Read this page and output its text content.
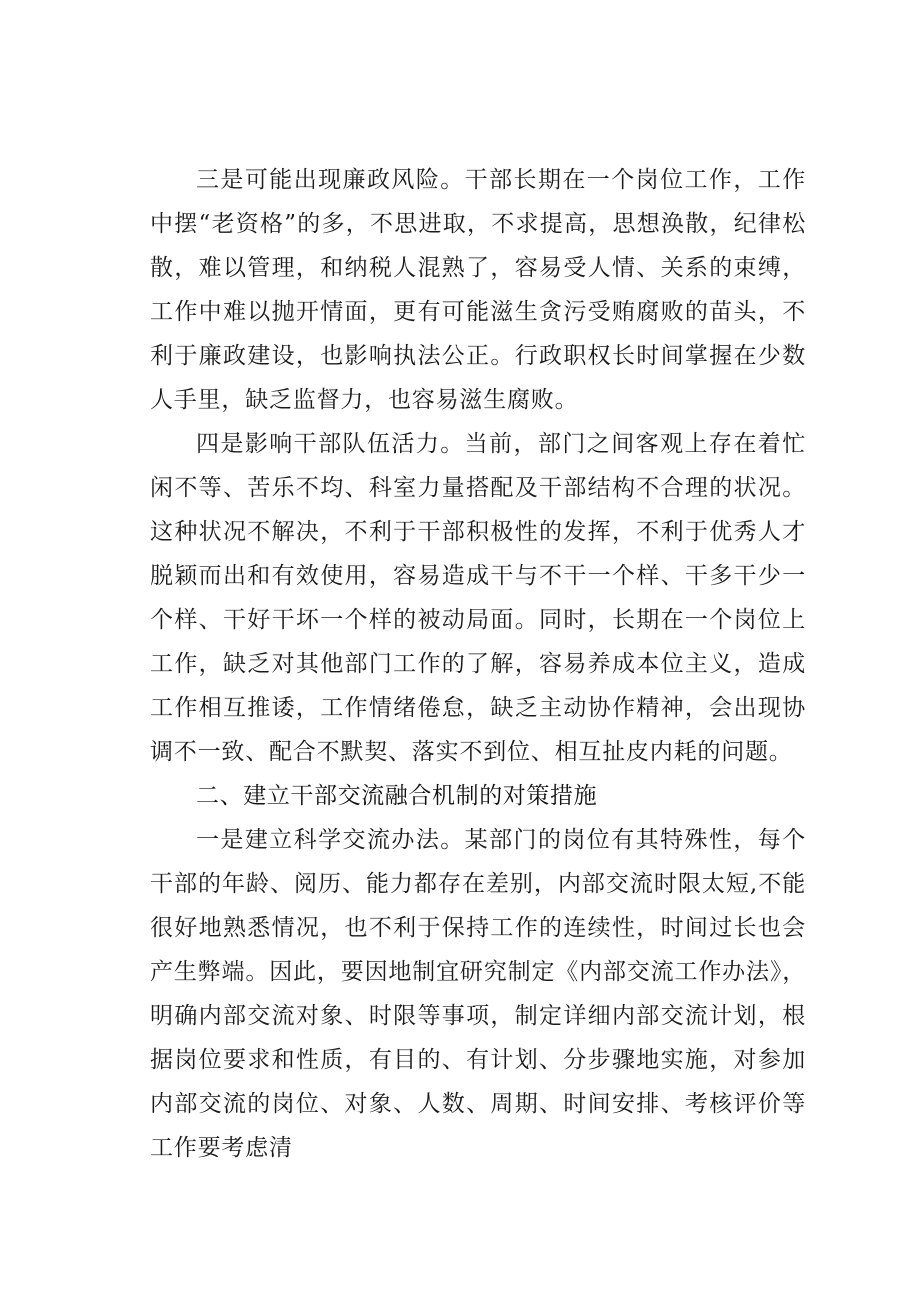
三是可能出现廉政风险。干部长期在一个岗位工作，工作中摆“老资格”的多，不思进取，不求提高，思想涣散，纪律松散，难以管理，和纳税人混熟了，容易受人情、关系的束缚，工作中难以抛开情面，更有可能滋生贪污受贿腐败的苗头，不利于廉政建设，也影响执法公正。行政职权长时间掌握在少数人手里，缺乏监督力，也容易滋生腐败。

四是影响干部队伍活力。当前，部门之间客观上存在着忙闲不等、苦乐不均、科室力量搭配及干部结构不合理的状况。这种状况不解决，不利于干部积极性的发挥，不利于优秀人才脱颖而出和有效使用，容易造成干与不干一个样、干多干少一个样、干好干坏一个样的被动局面。同时，长期在一个岗位上工作，缺乏对其他部门工作的了解，容易养成本位主义，造成工作相互推诿，工作情绪倦怠，缺乏主动协作精神，会出现协调不一致、配合不默契、落实不到位、相互扯皮内耗的问题。

二、建立干部交流融合机制的对策措施

一是建立科学交流办法。某部门的岗位有其特殊性，每个干部的年龄、阅历、能力都存在差别，内部交流时限太短,不能很好地熟悉情况，也不利于保持工作的连续性，时间过长也会产生弊端。因此，要因地制宜研究制定《内部交流工作办法》，明确内部交流对象、时限等事项，制定详细内部交流计划，根据岗位要求和性质，有目的、有计划、分步骤地实施，对参加内部交流的岗位、对象、人数、周期、时间安排、考核评价等工作要考虑清
